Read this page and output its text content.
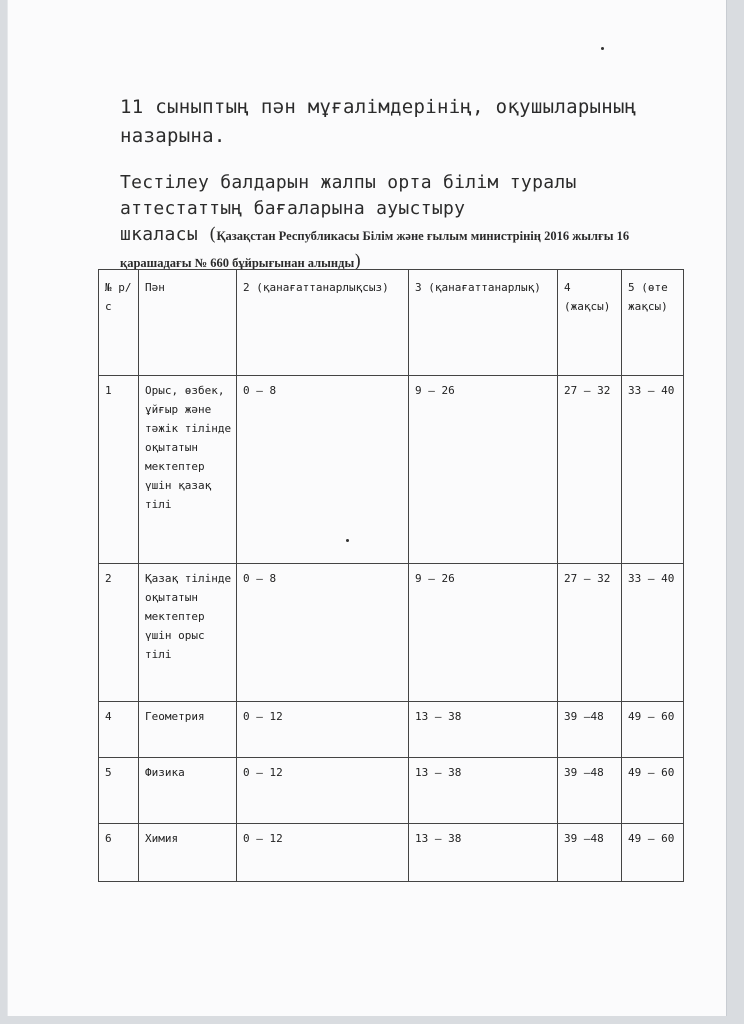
11 сыныптың пән мұғалімдерінің, оқушыларының назарына.
Тестілеу балдарын жалпы орта білім туралы
аттестаттың бағаларына ауыстыру
шкаласы (Қазақстан Республикасы Білім және ғылым министрінің 2016 жылғы 16 қарашадағы № 660 бұйрығынан алынды)
№ р/с	Пән	2 (қанағаттанарлықсыз)	3 (қанағаттанарлық)	4 (жақсы)	5 (өте жақсы)
1	Орыс, өзбек, ұйғыр және тәжік тілінде оқытатын мектептер үшін қазақ тілі	0 – 8	9 – 26	27 – 32	33 – 40
2	Қазақ тілінде оқытатын мектептер үшін орыс тілі	0 – 8	9 – 26	27 – 32	33 – 40
4	Геометрия	0 – 12	13 – 38	39 –48	49 – 60
5	Физика	0 – 12	13 – 38	39 –48	49 – 60
6	Химия	0 – 12	13 – 38	39 –48	49 – 60
